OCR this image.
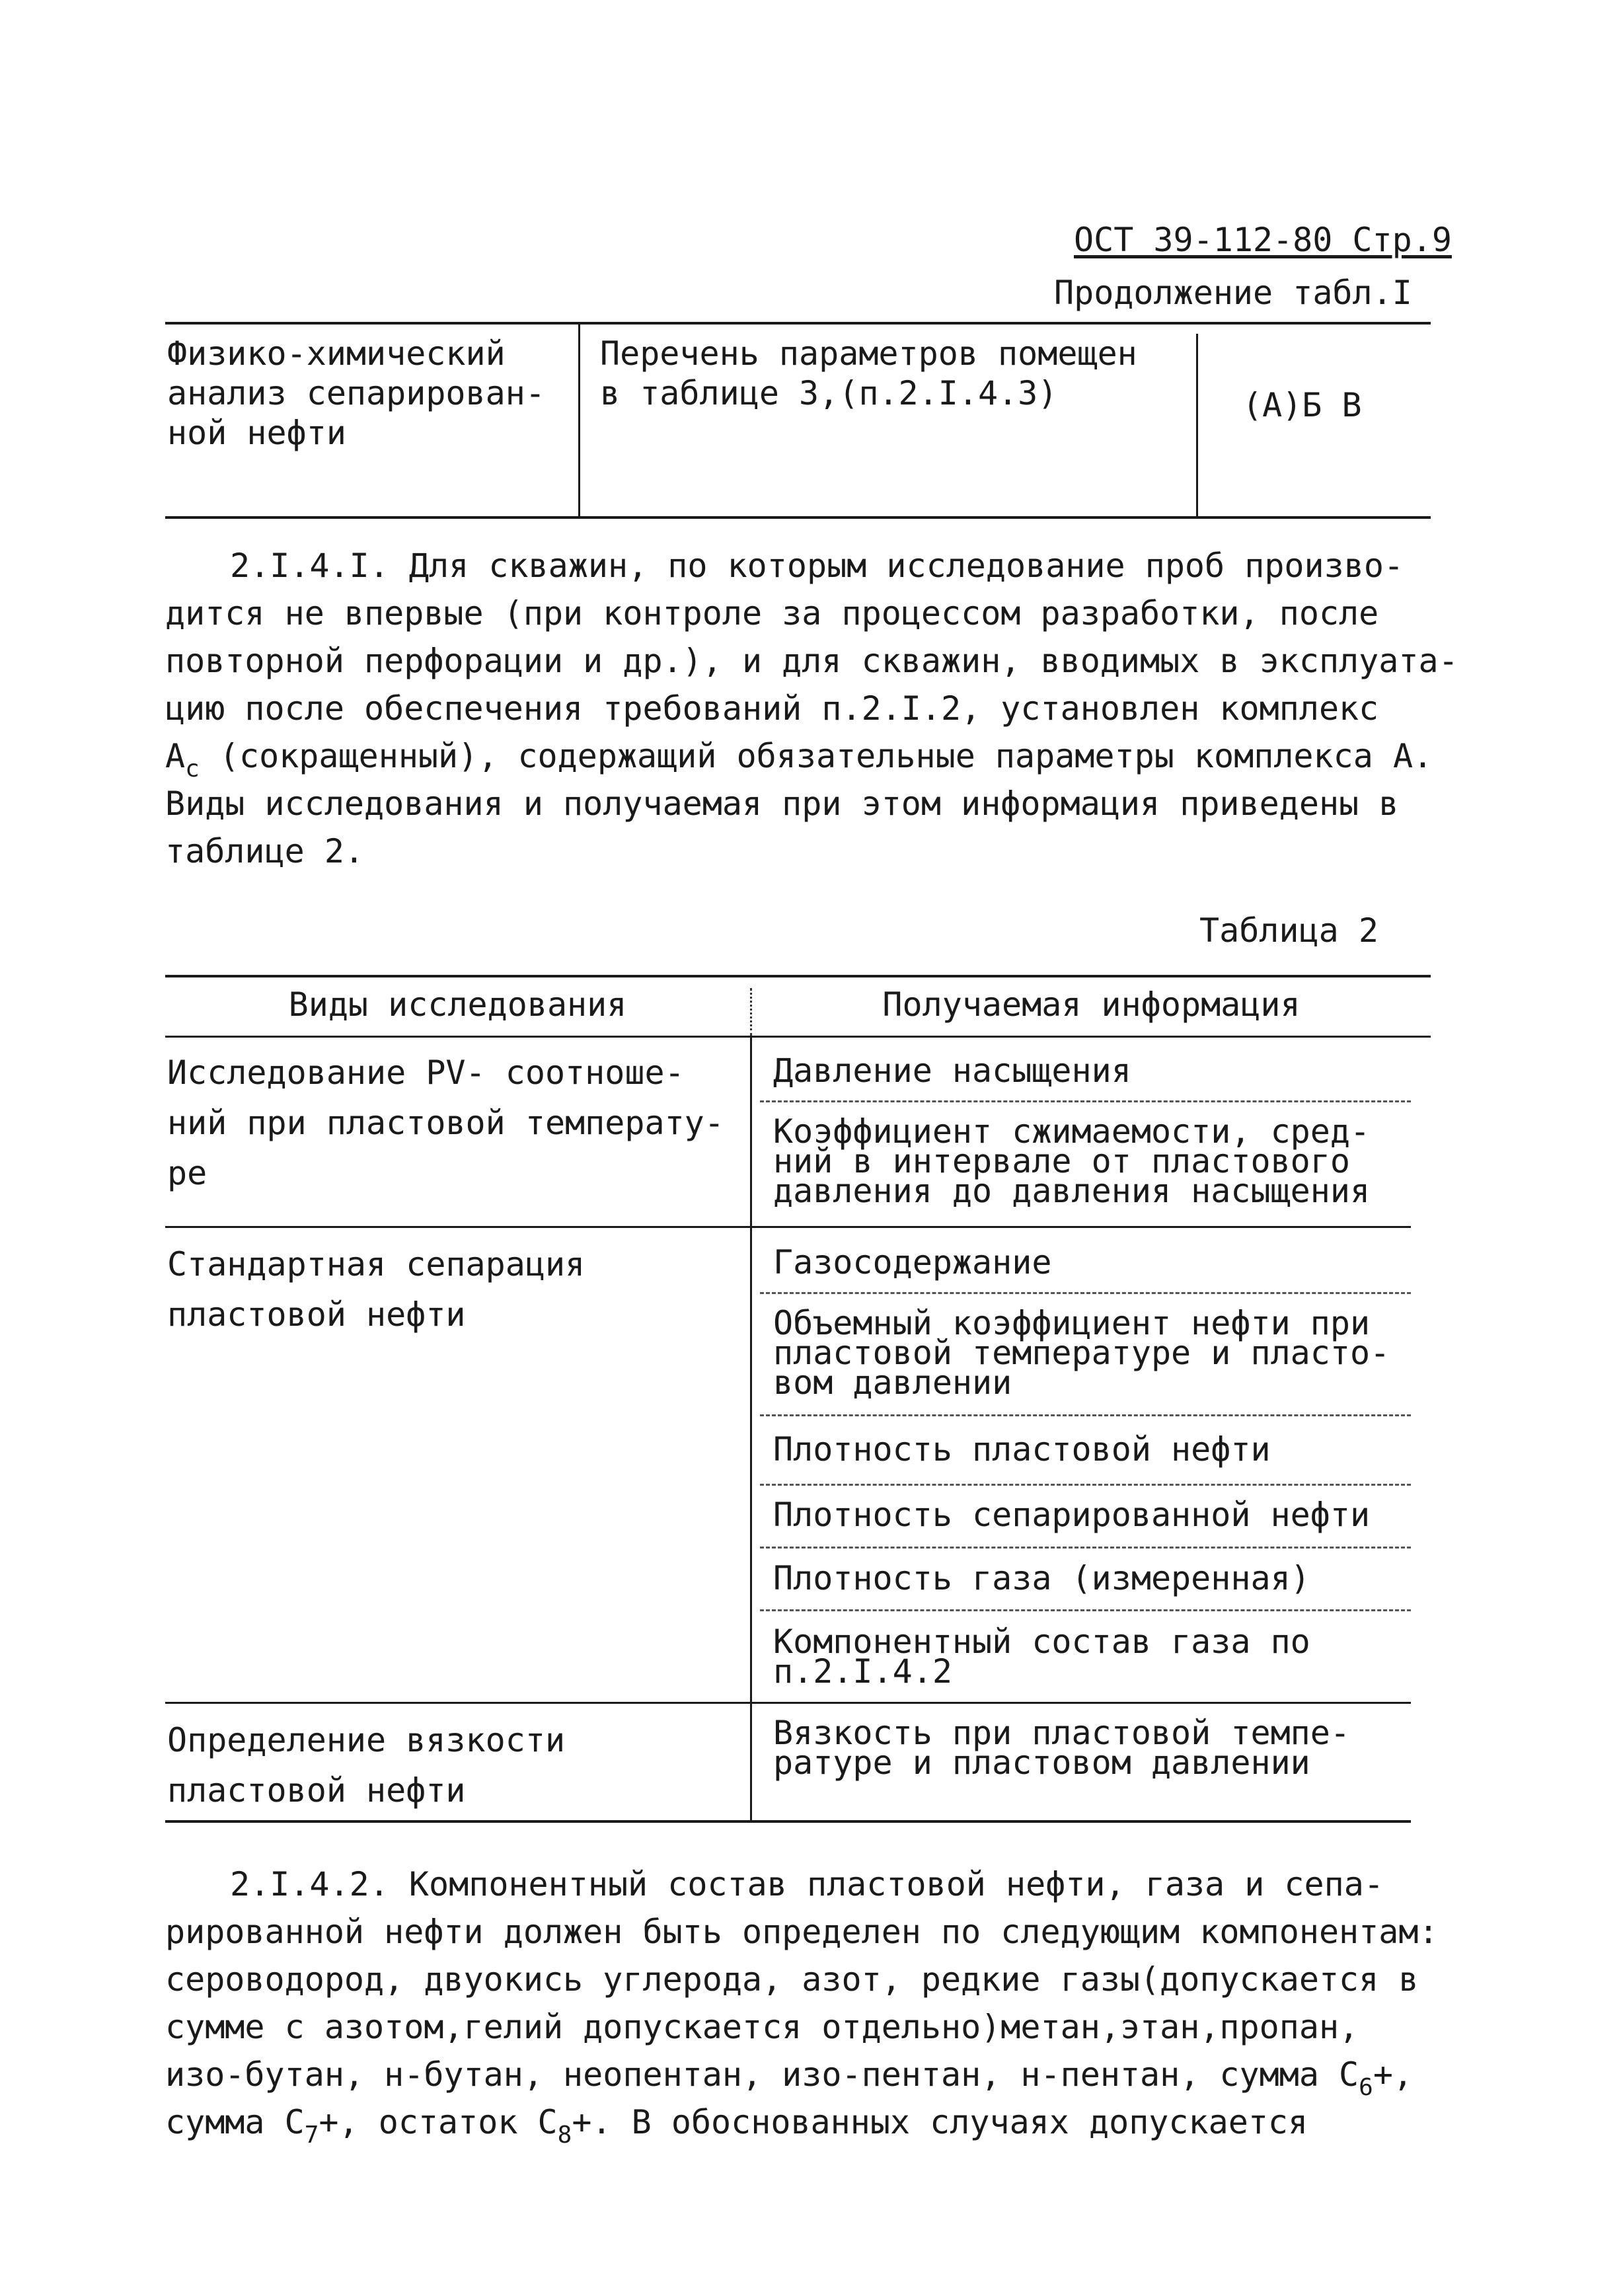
ОСТ 39-112-80 Стр.9
Продолжение табл.I
Физико-химический
анализ сепарирован-
ной нефти
Перечень параметров помещен
в таблице 3,(п.2.I.4.3)	(А)Б В
2.I.4.I. Для скважин, по которым исследование проб произво-
дится не впервые (при контроле за процессом разработки, после
повторной перфорации и др.), и для скважин, вводимых в эксплуата-
цию после обеспечения требований п.2.I.2, установлен комплекс
$А_с$ (сокращенный), содержащий обязательные параметры комплекса А.
Виды исследования и получаемая при этом информация приведены в
таблице 2.
Таблица 2
Виды исследования	Получаемая информация
Исследование PV- соотноше-
ний при пластовой температу-
ре
Давление насыщения
Коэффициент сжимаемости, сред-
ний в интервале от пластового
давления до давления насыщения
Стандартная сепарация
пластовой нефти
Газосодержание
Объемный коэффициент нефти при
пластовой температуре и пласто-
вом давлении
Плотность пластовой нефти
Плотность сепарированной нефти
Плотность газа (измеренная)
Компонентный состав газа по
п.2.I.4.2
Определение вязкости
пластовой нефти
Вязкость при пластовой темпе-
ратуре и пластовом давлении
2.I.4.2. Компонентный состав пластовой нефти, газа и сепа-
рированной нефти должен быть определен по следующим компонентам:
сероводород, двуокись углерода, азот, редкие газы(допускается в
сумме с азотом,гелий допускается отдельно)метан,этан,пропан,
изо-бутан, н-бутан, неопентан, изо-пентан, н-пентан, сумма $С_6+$,
сумма $С_7+$, остаток $С_8+$. В обоснованных случаях допускается
